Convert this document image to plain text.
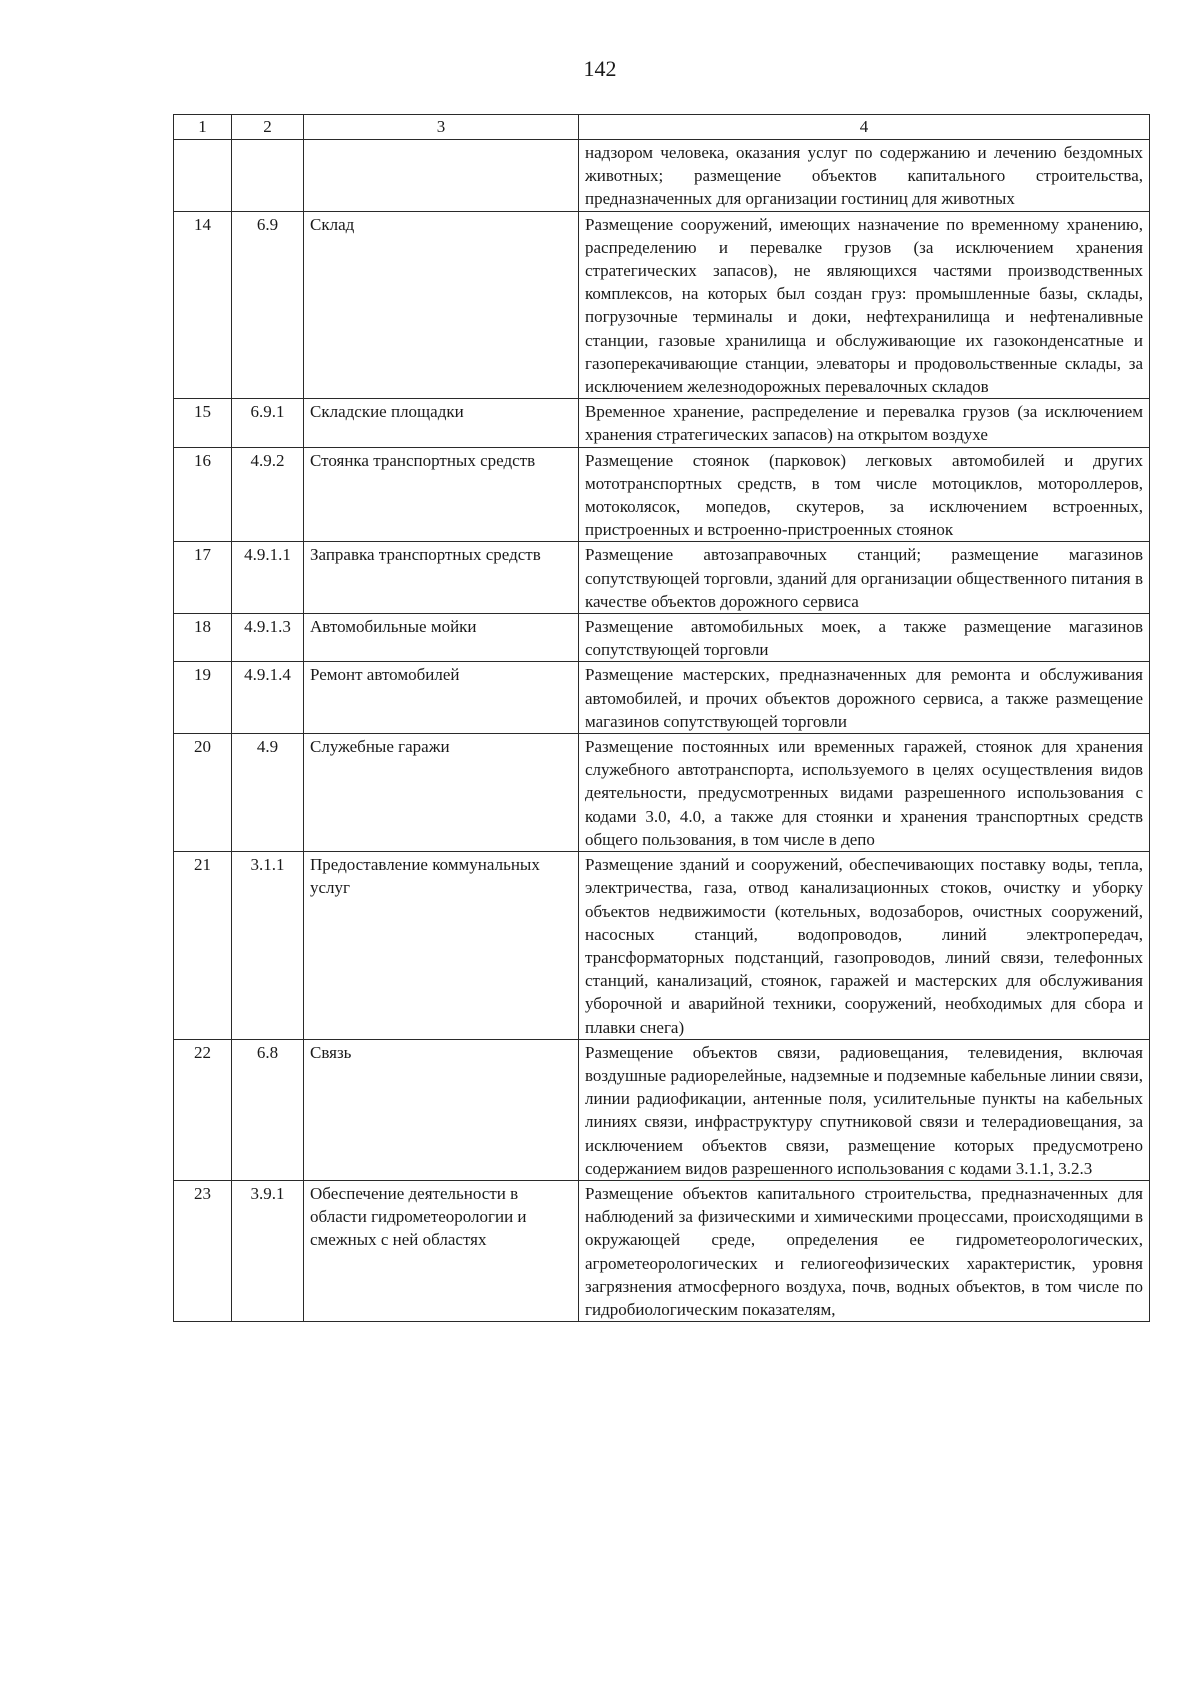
142
1	2	3	4
			надзором человека, оказания услуг по содержанию и лечению бездомных животных; размещение объектов капитального строительства, предназначенных для организации гостиниц для животных
14	6.9	Склад	Размещение сооружений, имеющих назначение по временному хранению, распределению и перевалке грузов (за исключением хранения стратегических запасов), не являющихся частями производственных комплексов, на которых был создан груз: промышленные базы, склады, погрузочные терминалы и доки, нефтехранилища и нефтеналивные станции, газовые хранилища и обслуживающие их газоконденсатные и газоперекачивающие станции, элеваторы и продовольственные склады, за исключением железнодорожных перевалочных складов
15	6.9.1	Складские площадки	Временное хранение, распределение и перевалка грузов (за исключением хранения стратегических запасов) на открытом воздухе
16	4.9.2	Стоянка транспортных средств	Размещение стоянок (парковок) легковых автомобилей и других мототранспортных средств, в том числе мотоциклов, мотороллеров, мотоколясок, мопедов, скутеров, за исключением встроенных, пристроенных и встроенно-пристроенных стоянок
17	4.9.1.1	Заправка транспортных средств	Размещение автозаправочных станций; размещение магазинов сопутствующей торговли, зданий для организации общественного питания в качестве объектов дорожного сервиса
18	4.9.1.3	Автомобильные мойки	Размещение автомобильных моек, а также размещение магазинов сопутствующей торговли
19	4.9.1.4	Ремонт автомобилей	Размещение мастерских, предназначенных для ремонта и обслуживания автомобилей, и прочих объектов дорожного сервиса, а также размещение магазинов сопутствующей торговли
20	4.9	Служебные гаражи	Размещение постоянных или временных гаражей, стоянок для хранения служебного автотранспорта, используемого в целях осуществления видов деятельности, предусмотренных видами разрешенного использования с кодами 3.0, 4.0, а также для стоянки и хранения транспортных средств общего пользования, в том числе в депо
21	3.1.1	Предоставление коммунальных услуг	Размещение зданий и сооружений, обеспечивающих поставку воды, тепла, электричества, газа, отвод канализационных стоков, очистку и уборку объектов недвижимости (котельных, водозаборов, очистных сооружений, насосных станций, водопроводов, линий электропередач, трансформаторных подстанций, газопроводов, линий связи, телефонных станций, канализаций, стоянок, гаражей и мастерских для обслуживания уборочной и аварийной техники, сооружений, необходимых для сбора и плавки снега)
22	6.8	Связь	Размещение объектов связи, радиовещания, телевидения, включая воздушные радиорелейные, надземные и подземные кабельные линии связи, линии радиофикации, антенные поля, усилительные пункты на кабельных линиях связи, инфраструктуру спутниковой связи и телерадиовещания, за исключением объектов связи, размещение которых предусмотрено содержанием видов разрешенного использования с кодами 3.1.1, 3.2.3
23	3.9.1	Обеспечение деятельности в области гидрометеорологии и смежных с ней областях	Размещение объектов капитального строительства, предназначенных для наблюдений за физическими и химическими процессами, происходящими в окружающей среде, определения ее гидрометеорологических, агрометеорологических и гелиогеофизических характеристик, уровня загрязнения атмосферного воздуха, почв, водных объектов, в том числе по гидробиологическим показателям,
